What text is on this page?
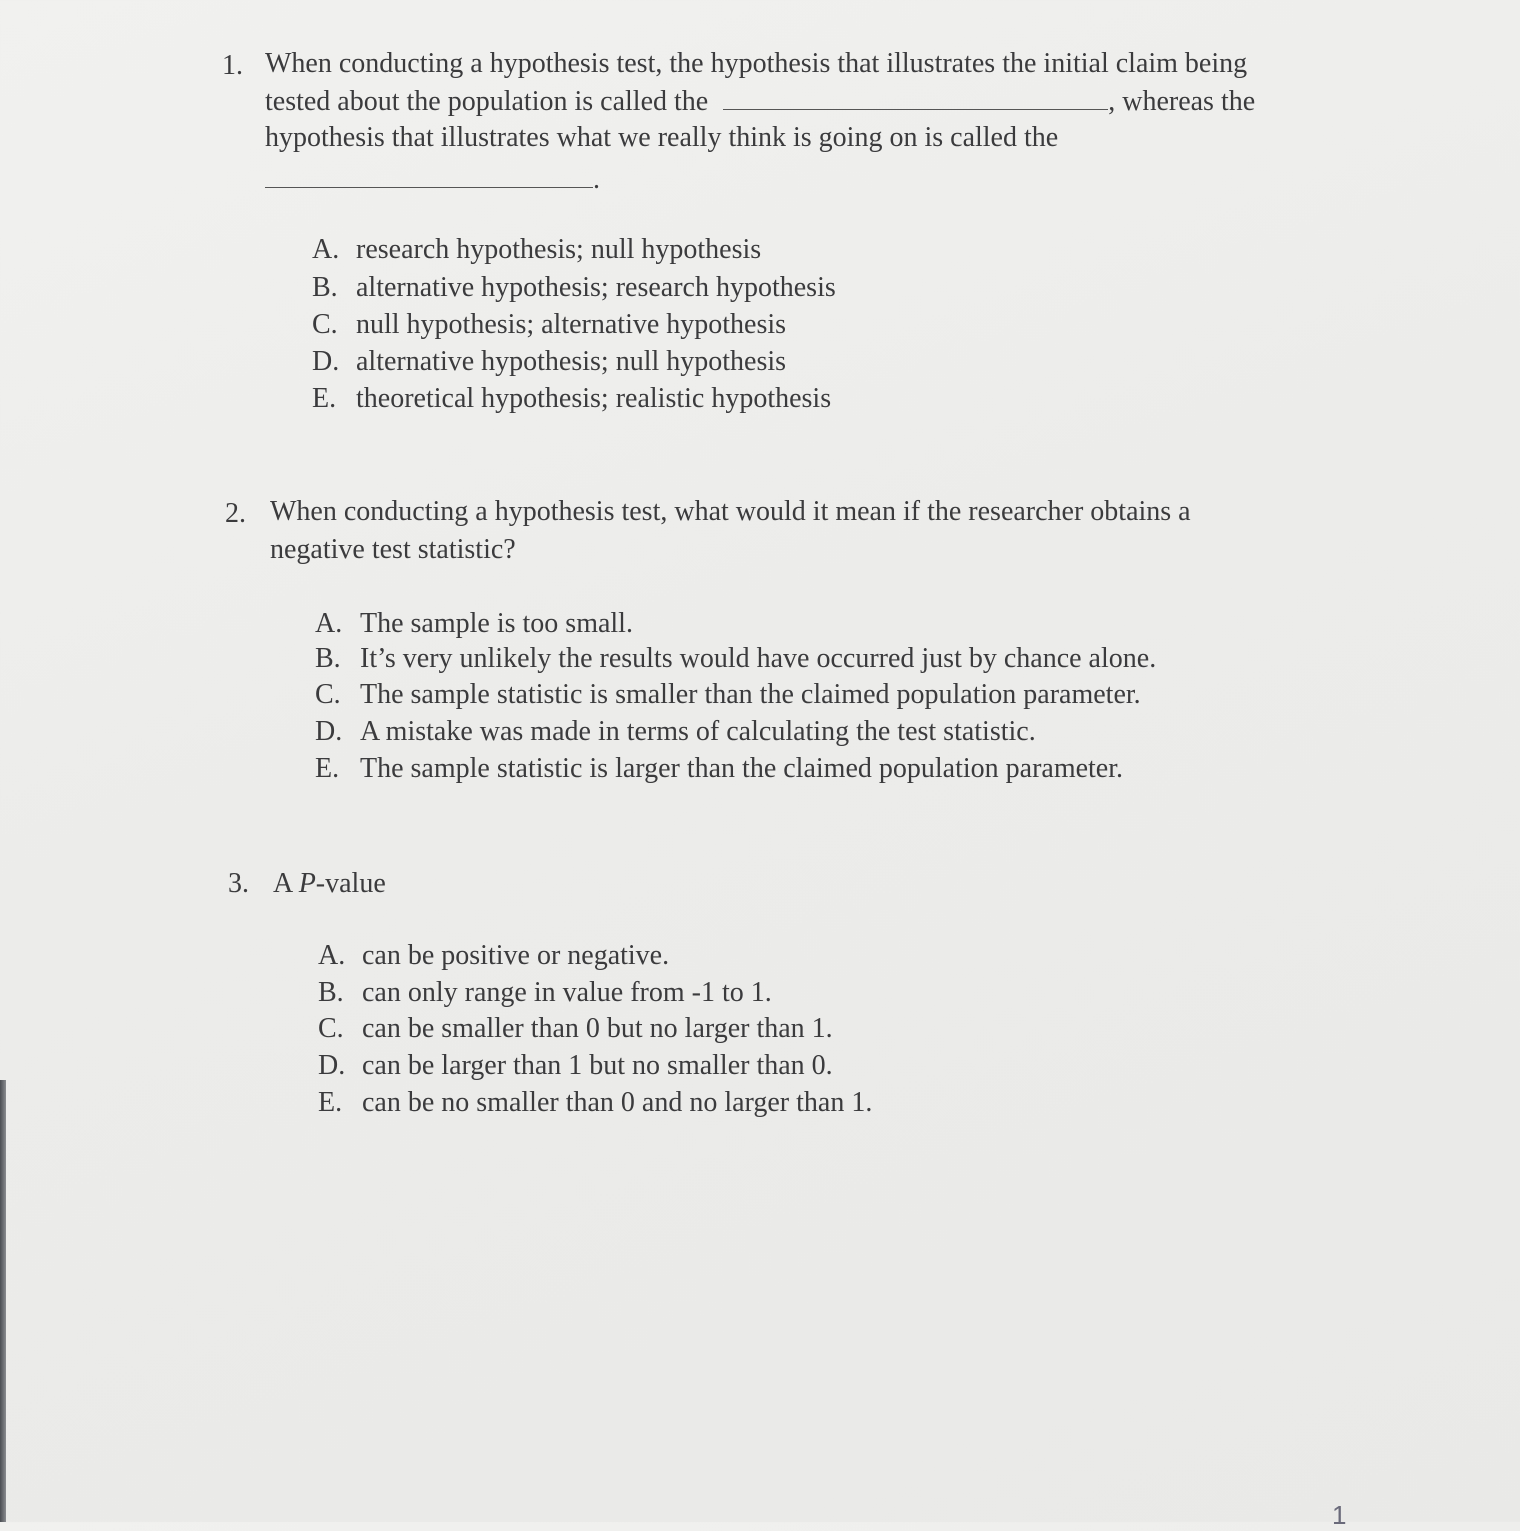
1. When conducting a hypothesis test, the hypothesis that illustrates the initial claim being
tested about the population is called the	, whereas the
hypothesis that illustrates what we really think is going on is called the
.
A. research hypothesis; null hypothesis
B. alternative hypothesis; research hypothesis
C. null hypothesis; alternative hypothesis
D. alternative hypothesis; null hypothesis
E. theoretical hypothesis; realistic hypothesis
2. When conducting a hypothesis test, what would it mean if the researcher obtains a
negative test statistic?
A. The sample is too small.
B. It’s very unlikely the results would have occurred just by chance alone.
C. The sample statistic is smaller than the claimed population parameter.
D. A mistake was made in terms of calculating the test statistic.
E. The sample statistic is larger than the claimed population parameter.
3. A P-value
A. can be positive or negative.
B. can only range in value from -1 to 1.
C. can be smaller than 0 but no larger than 1.
D. can be larger than 1 but no smaller than 0.
E. can be no smaller than 0 and no larger than 1.
1
